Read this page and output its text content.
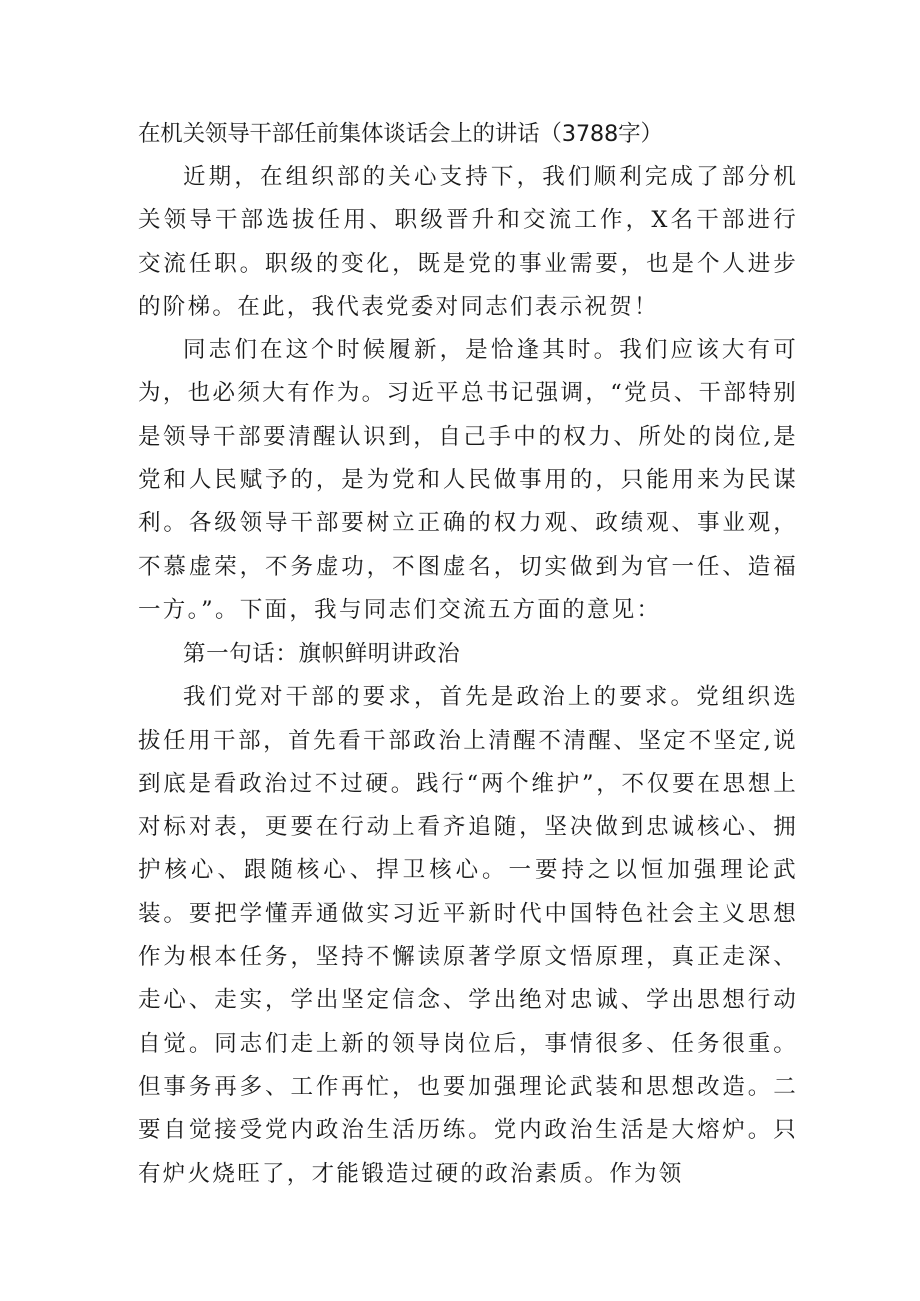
在机关领导干部任前集体谈话会上的讲话（3788字）

近期，在组织部的关心支持下，我们顺利完成了部分机关领导干部选拔任用、职级晋升和交流工作，X名干部进行交流任职。职级的变化，既是党的事业需要，也是个人进步的阶梯。在此，我代表党委对同志们表示祝贺！

同志们在这个时候履新，是恰逢其时。我们应该大有可为，也必须大有作为。习近平总书记强调，“党员、干部特别是领导干部要清醒认识到，自己手中的权力、所处的岗位,是党和人民赋予的，是为党和人民做事用的，只能用来为民谋利。各级领导干部要树立正确的权力观、政绩观、事业观，不慕虚荣，不务虚功，不图虚名，切实做到为官一任、造福一方。”。下面，我与同志们交流五方面的意见：

第一句话：旗帜鲜明讲政治

我们党对干部的要求，首先是政治上的要求。党组织选拔任用干部，首先看干部政治上清醒不清醒、坚定不坚定,说到底是看政治过不过硬。践行“两个维护”，不仅要在思想上对标对表，更要在行动上看齐追随，坚决做到忠诚核心、拥护核心、跟随核心、捍卫核心。一要持之以恒加强理论武装。要把学懂弄通做实习近平新时代中国特色社会主义思想作为根本任务，坚持不懈读原著学原文悟原理，真正走深、走心、走实，学出坚定信念、学出绝对忠诚、学出思想行动自觉。同志们走上新的领导岗位后，事情很多、任务很重。但事务再多、工作再忙，也要加强理论武装和思想改造。二要自觉接受党内政治生活历练。党内政治生活是大熔炉。只有炉火烧旺了，才能锻造过硬的政治素质。作为领
